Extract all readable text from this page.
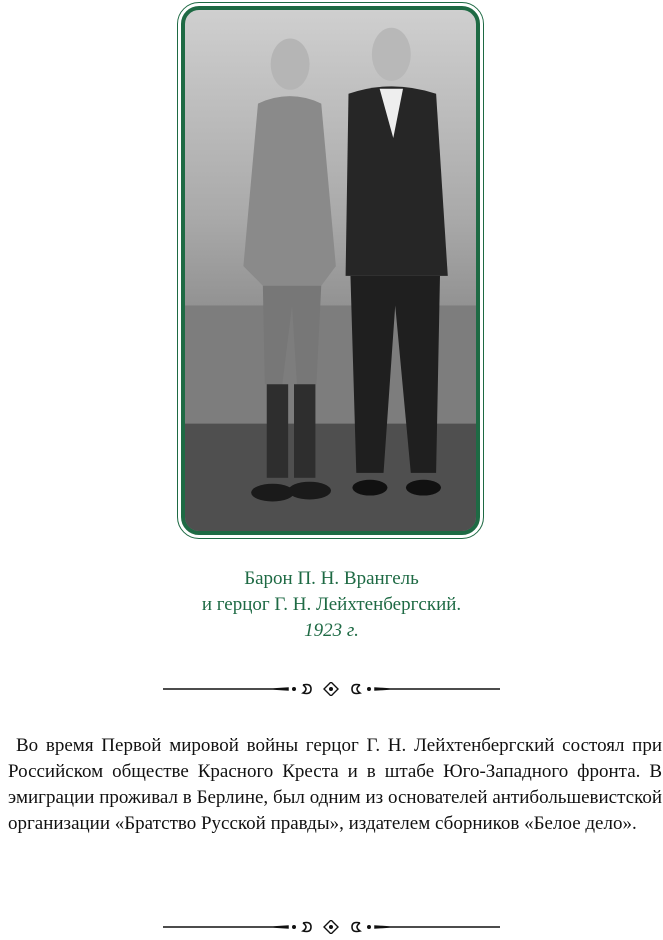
Барон П. Н. Врангель
и герцог Г. Н. Лейхтенбергский.
1923 г.
Во время Первой мировой войны герцог Г. Н. Лейхтенбергский состоял при Российском обществе Красного Креста и в штабе Юго-Западного фронта. В эмиграции проживал в Берлине, был одним из основателей антибольшевистской организации «Братство Русской правды», издателем сборников «Белое дело».
